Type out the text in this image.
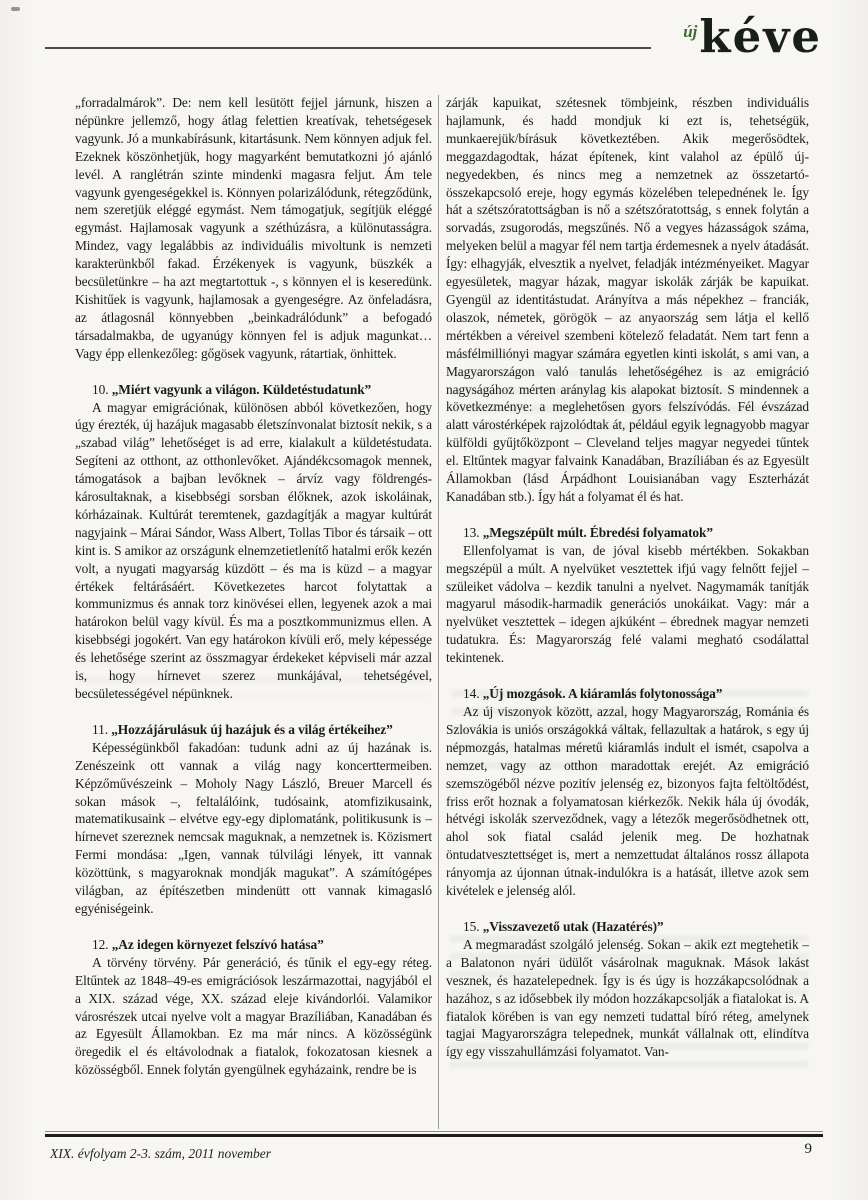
új kéve

„forradalmárok”. De: nem kell lesütött fejjel járnunk, hiszen a népünkre jellemző, hogy átlag felettien kreatívak, tehetségesek vagyunk. Jó a munkabírásunk, kitartásunk. Nem könnyen adjuk fel. Ezeknek köszönhetjük, hogy magyarként bemutatkozni jó ajánló levél. A ranglétrán szinte mindenki magasra feljut. Ám tele vagyunk gyengeségekkel is. Könnyen polarizálódunk, rétegződünk, nem szeretjük eléggé egymást. Nem támogatjuk, segítjük eléggé egymást. Hajlamosak vagyunk a széthúzásra, a különutasságra. Mindez, vagy legalábbis az individuális mivoltunk is nemzeti karakterünkből fakad. Érzékenyek is vagyunk, büszkék a becsületünkre – ha azt megtartottuk -, s könnyen el is keseredünk. Kishitűek is vagyunk, hajlamosak a gyengeségre. Az önfeladásra, az átlagosnál könnyebben „beinkadrálódunk” a befogadó társadalmakba, de ugyanúgy könnyen fel is adjuk magunkat… Vagy épp ellenkezőleg: gőgösek vagyunk, rátartiak, önhittek.

10. „Miért vagyunk a világon. Küldetéstudatunk”

A magyar emigrációnak, különösen abból következően, hogy úgy érezték, új hazájuk magasabb életszínvonalat biztosít nekik, s a „szabad világ” lehetőséget is ad erre, kialakult a küldetéstudata. Segíteni az otthont, az otthonlevőket. Ajándékcsomagok mennek, támogatások a bajban levőknek – árvíz vagy földrengés-károsultaknak, a kisebbségi sorsban élőknek, azok iskoláinak, kórházainak. Kultúrát teremtenek, gazdagítják a magyar kultúrát nagyjaink – Márai Sándor, Wass Albert, Tollas Tibor és társaik – ott kint is. S amikor az országunk elnemzetietlenítő hatalmi erők kezén volt, a nyugati magyarság küzdött – és ma is küzd – a magyar értékek feltárásáért. Következetes harcot folytattak a kommunizmus és annak torz kinövései ellen, legyenek azok a mai határokon belül vagy kívül. És ma a posztkommunizmus ellen. A kisebbségi jogokért. Van egy határokon kívüli erő, mely képessége és lehetősége szerint az összmagyar érdekeket képviseli már azzal is, hogy hírnevet szerez munkájával, tehetségével, becsületességével népünknek.

11. „Hozzájárulásuk új hazájuk és a világ értékeihez”

Képességünkből fakadóan: tudunk adni az új hazának is. Zenészeink ott vannak a világ nagy koncerttermeiben. Képzőművészeink – Moholy Nagy László, Breuer Marcell és sokan mások –, feltalálóink, tudósaink, atomfizikusaink, matematikusaink – elvétve egy-egy diplomatánk, politikusunk is – hírnevet szereznek nemcsak maguknak, a nemzetnek is. Közismert Fermi mondása: „Igen, vannak túlvilági lények, itt vannak közöttünk, s magyaroknak mondják magukat”. A számítógépes világban, az építészetben mindenütt ott vannak kimagasló egyéniségeink.

12. „Az idegen környezet felszívó hatása”

A törvény törvény. Pár generáció, és tűnik el egy-egy réteg. Eltűntek az 1848–49-es emigrációsok leszármazottai, nagyjából el a XIX. század vége, XX. század eleje kivándorlói. Valamikor városrészek utcai nyelve volt a magyar Brazíliában, Kanadában és az Egyesült Államokban. Ez ma már nincs. A közösségünk öregedik el és eltávolodnak a fiatalok, fokozatosan kiesnek a közösségből. Ennek folytán gyengülnek egyházaink, rendre be is

zárják kapuikat, szétesnek tömbjeink, részben individuális hajlamunk, és hadd mondjuk ki ezt is, tehetségük, munkaerejük/bírásuk következtében. Akik megerősödtek, meggazdagodtak, házat építenek, kint valahol az épülő új-negyedekben, és nincs meg a nemzetnek az összetartó-összekapcsoló ereje, hogy egymás közelében telepednének le. Így hát a szétszóratottságban is nő a szétszóratottság, s ennek folytán a sorvadás, zsugorodás, megszűnés. Nő a vegyes házasságok száma, melyeken belül a magyar fél nem tartja érdemesnek a nyelv átadását. Így: elhagyják, elvesztik a nyelvet, feladják intézményeiket. Magyar egyesületek, magyar házak, magyar iskolák zárják be kapuikat. Gyengül az identitástudat. Arányítva a más népekhez – franciák, olaszok, németek, görögök – az anyaország sem látja el kellő mértékben a véreivel szembeni kötelező feladatát. Nem tart fenn a másfélmilliónyi magyar számára egyetlen kinti iskolát, s ami van, a Magyarországon való tanulás lehetőségéhez is az emigráció nagyságához mérten aránylag kis alapokat biztosít. S mindennek a következménye: a meglehetősen gyors felszívódás. Fél évszázad alatt várostérképek rajzolódtak át, például egyik legnagyobb magyar külföldi gyűjtőközpont – Cleveland teljes magyar negyedei tűntek el. Eltűntek magyar falvaink Kanadában, Brazíliában és az Egyesült Államokban (lásd Árpádhont Louisianában vagy Eszterházát Kanadában stb.). Így hát a folyamat él és hat.

13. „Megszépült múlt. Ébredési folyamatok”

Ellenfolyamat is van, de jóval kisebb mértékben. Sokakban megszépül a múlt. A nyelvüket vesztettek ifjú vagy felnőtt fejjel – szüleiket vádolva – kezdik tanulni a nyelvet. Nagymamák tanítják magyarul második-harmadik generációs unokáikat. Vagy: már a nyelvüket vesztettek – idegen ajkúként – ébrednek magyar nemzeti tudatukra. És: Magyarország felé valami megható csodálattal tekintenek.

14. „Új mozgások. A kiáramlás folytonossága”

Az új viszonyok között, azzal, hogy Magyarország, Románia és Szlovákia is uniós országokká váltak, fellazultak a határok, s egy új népmozgás, hatalmas méretű kiáramlás indult el ismét, csapolva a nemzet, vagy az otthon maradottak erejét. Az emigráció szemszögéből nézve pozitív jelenség ez, bizonyos fajta feltöltődést, friss erőt hoznak a folyamatosan kiérkezők. Nekik hála új óvodák, hétvégi iskolák szerveződnek, vagy a létezők megerősödhetnek ott, ahol sok fiatal család jelenik meg. De hozhatnak öntudatvesztettséget is, mert a nemzettudat általános rossz állapota rányomja az újonnan útnak-indulókra is a hatását, illetve azok sem kivételek e jelenség alól.

15. „Visszavezető utak (Hazatérés)”

A megmaradást szolgáló jelenség. Sokan – akik ezt megtehetik – a Balatonon nyári üdülőt vásárolnak maguknak. Mások lakást vesznek, és hazatelepednek. Így is és úgy is hozzákapcsolódnak a hazához, s az idősebbek ily módon hozzákapcsolják a fiatalokat is. A fiatalok körében is van egy nemzeti tudattal bíró réteg, amelynek tagjai Magyarországra telepednek, munkát vállalnak ott, elindítva így egy visszahullámzási folyamatot. Van-

XIX. évfolyam 2-3. szám, 2011 november	9
